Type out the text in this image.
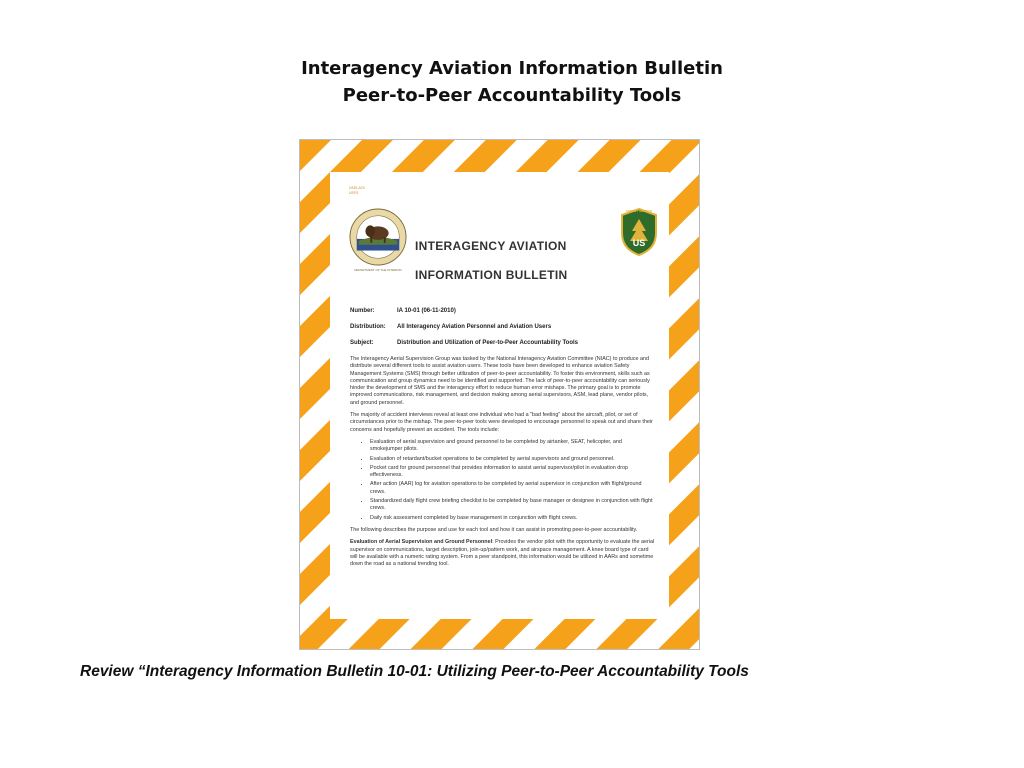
Interagency Aviation Information Bulletin
Peer-to-Peer Accountability Tools
USDI-AOI
USFS
DEPARTMENT OF THE INTERIOR
INTERAGENCY AVIATION
INFORMATION BULLETIN
FOREST SERVICE
US
Number:	IA 10-01 (06-11-2010)
Distribution: All Interagency Aviation Personnel and Aviation Users
Subject:	Distribution and Utilization of Peer-to-Peer Accountability Tools

The Interagency Aerial Supervision Group was tasked by the National Interagency Aviation Committee (NIAC) to produce and distribute several different tools to assist aviation users. These tools have been developed to enhance aviation Safety Management Systems (SMS) through better utilization of peer-to-peer accountability. To foster this environment, skills such as communication and group dynamics need to be identified and supported. The lack of peer-to-peer accountability can seriously hinder the development of SMS and the interagency effort to reduce human error mishaps. The primary goal is to promote improved communications, risk management, and decision making among aerial supervisors, ASM, lead plane, vendor pilots, and ground personnel.

The majority of accident interviews reveal at least one individual who had a "bad feeling" about the aircraft, pilot, or set of circumstances prior to the mishap. The peer-to-peer tools were developed to encourage personnel to speak out and share their concerns and hopefully prevent an accident. The tools include:

• Evaluation of aerial supervision and ground personnel to be completed by airtanker, SEAT, helicopter, and smokejumper pilots.
• Evaluation of retardant/bucket operations to be completed by aerial supervisors and ground personnel.
• Pocket card for ground personnel that provides information to assist aerial supervisor/pilot in evaluation drop effectiveness.
• After action (AAR) log for aviation operations to be completed by aerial supervisor in conjunction with flight/ground crews.
• Standardized daily flight crew briefing checklist to be completed by base manager or designee in conjunction with flight crews.
• Daily risk assessment completed by base management in conjunction with flight crews.

The following describes the purpose and use for each tool and how it can assist in promoting peer-to-peer accountability.

Evaluation of Aerial Supervision and Ground Personnel: Provides the vendor pilot with the opportunity to evaluate the aerial supervisor on communications, target description, join-up/pattern work, and airspace management. A knee board type of card will be available with a numeric rating system. From a peer standpoint, this information would be utilized in AARs and sometime down the road as a national trending tool.

Review “Interagency Information Bulletin 10-01: Utilizing Peer-to-Peer Accountability Tools
